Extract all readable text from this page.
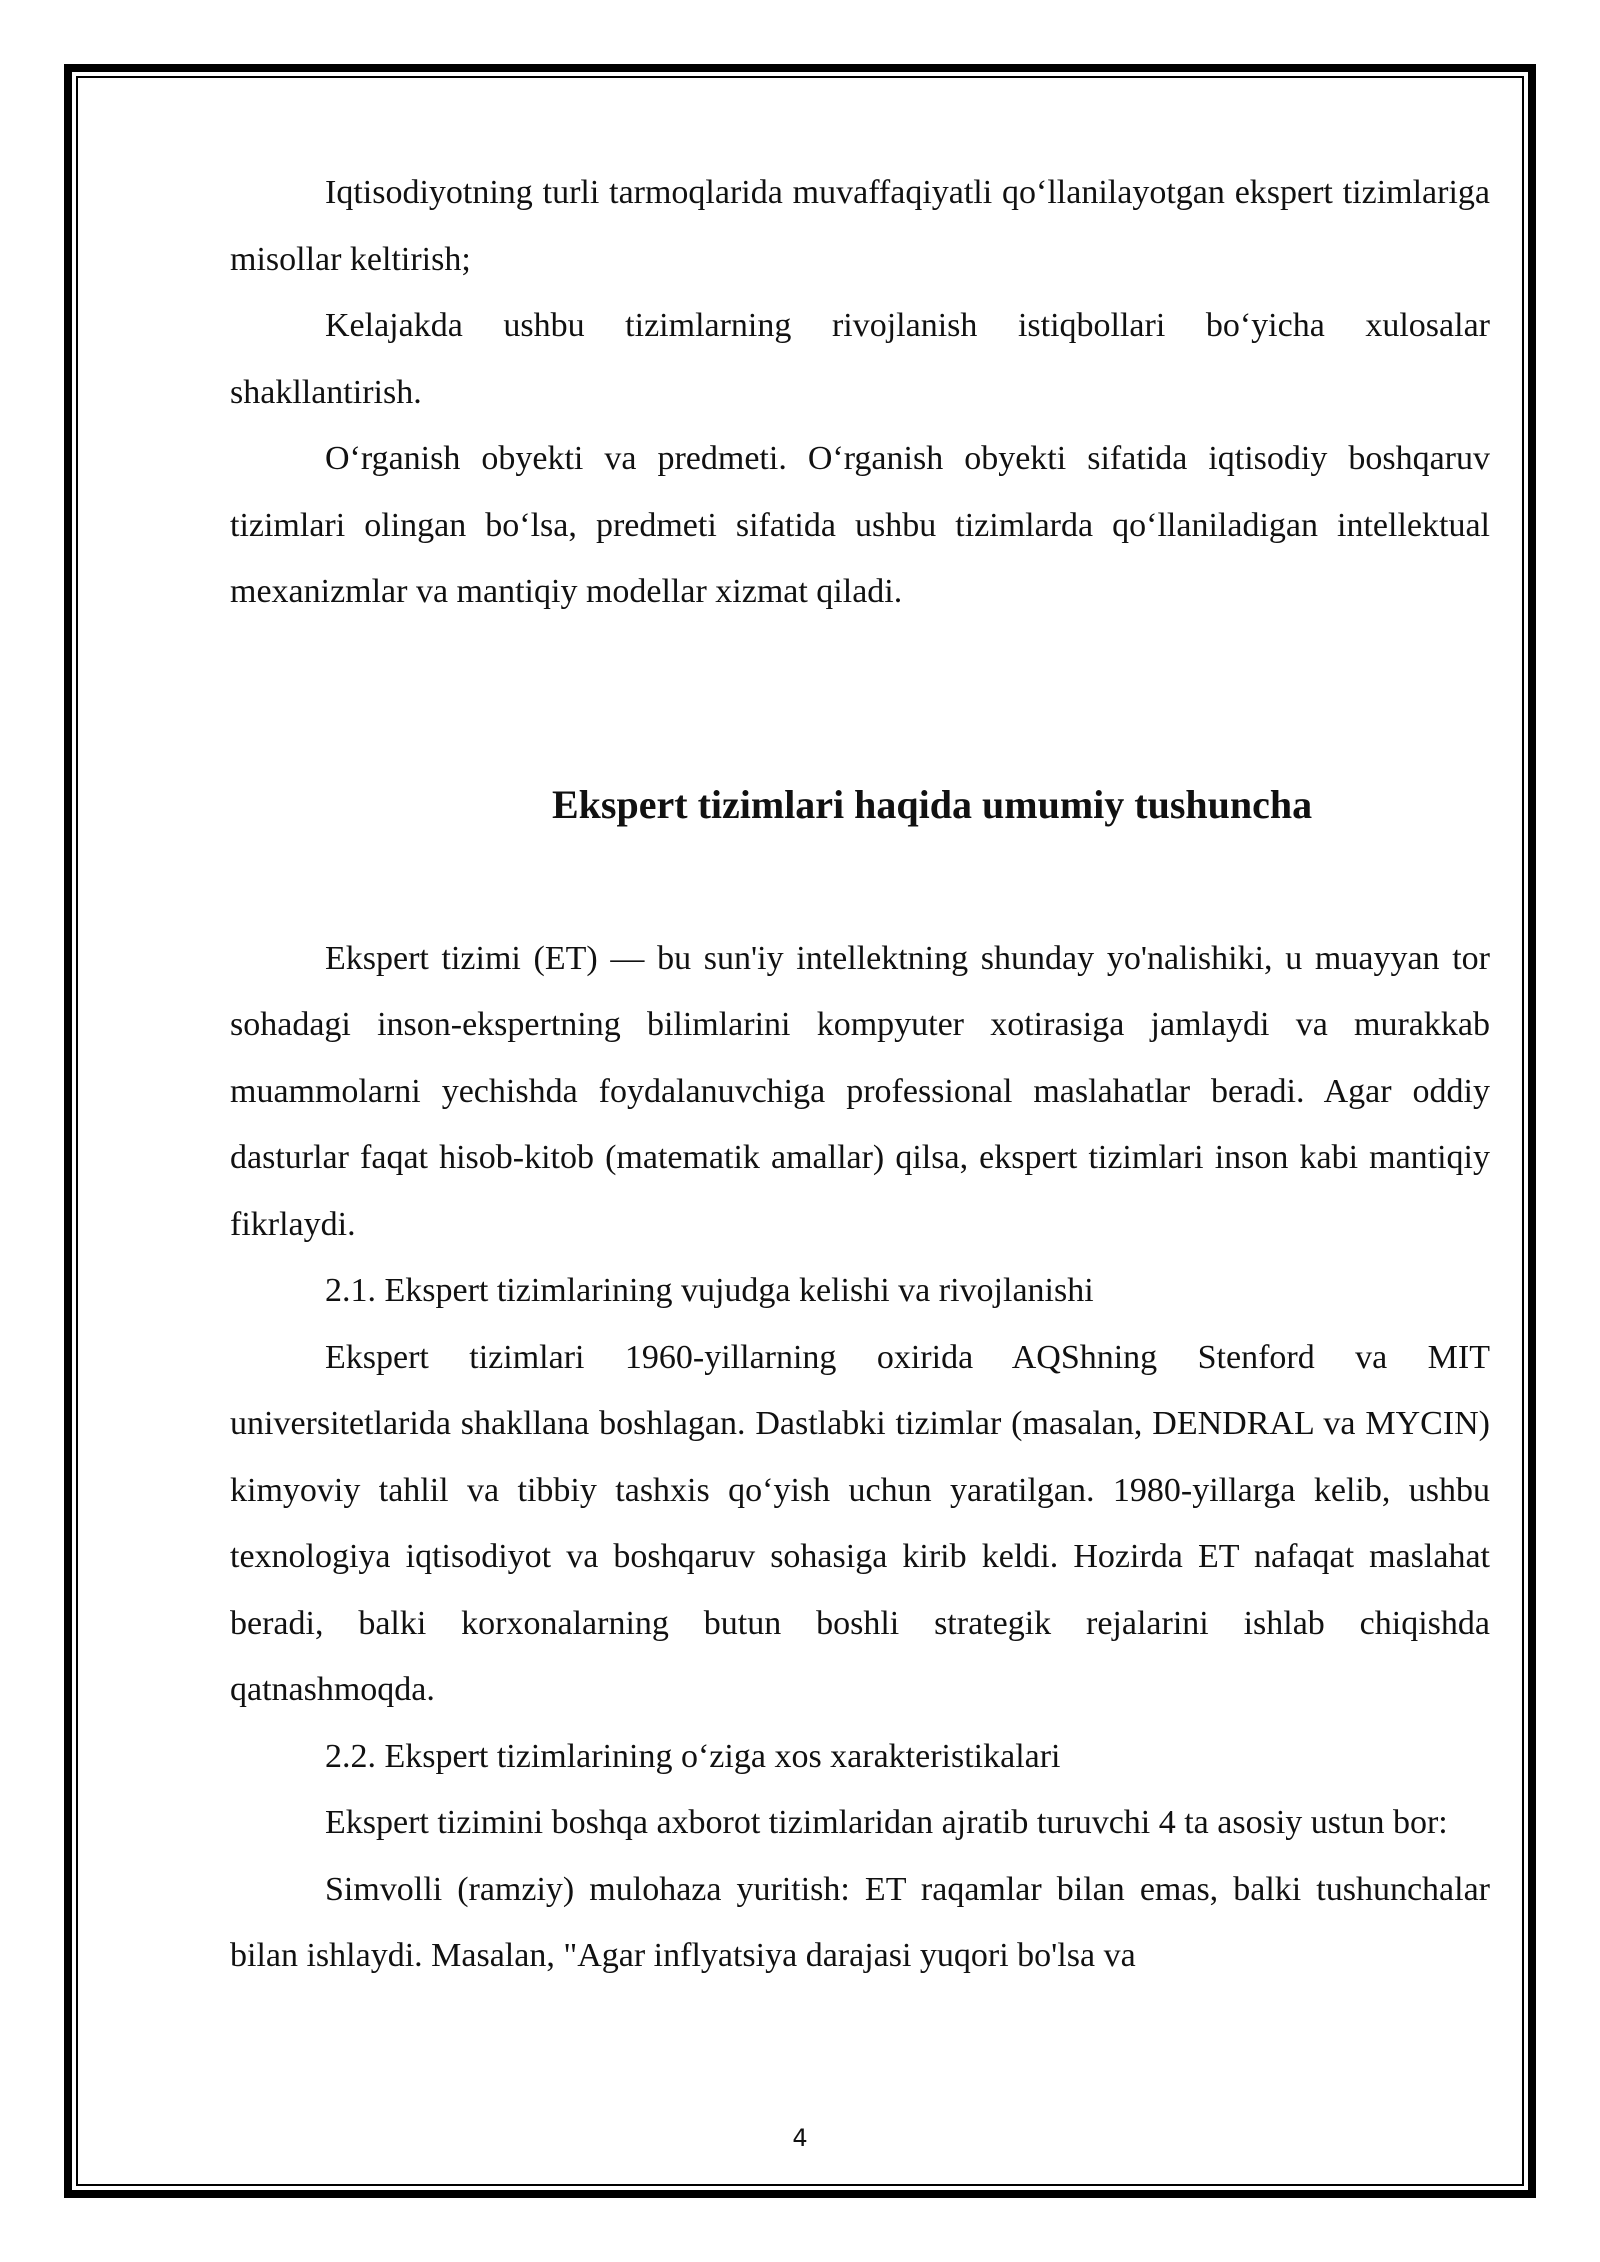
Iqtisodiyotning turli tarmoqlarida muvaffaqiyatli qo‘llanilayotgan ekspert tizimlariga misollar keltirish;

Kelajakda ushbu tizimlarning rivojlanish istiqbollari bo‘yicha xulosalar shakllantirish.

O‘rganish obyekti va predmeti. O‘rganish obyekti sifatida iqtisodiy boshqaruv tizimlari olingan bo‘lsa, predmeti sifatida ushbu tizimlarda qo‘llaniladigan intellektual mexanizmlar va mantiqiy modellar xizmat qiladi.

Ekspert tizimlari haqida umumiy tushuncha

Ekspert tizimi (ET) — bu sun'iy intellektning shunday yo'nalishiki, u muayyan tor sohadagi inson-ekspertning bilimlarini kompyuter xotirasiga jamlaydi va murakkab muammolarni yechishda foydalanuvchiga professional maslahatlar beradi. Agar oddiy dasturlar faqat hisob-kitob (matematik amallar) qilsa, ekspert tizimlari inson kabi mantiqiy fikrlaydi.

2.1. Ekspert tizimlarining vujudga kelishi va rivojlanishi

Ekspert tizimlari 1960-yillarning oxirida AQShning Stenford va MIT universitetlarida shakllana boshlagan. Dastlabki tizimlar (masalan, DENDRAL va MYCIN) kimyoviy tahlil va tibbiy tashxis qo‘yish uchun yaratilgan. 1980-yillarga kelib, ushbu texnologiya iqtisodiyot va boshqaruv sohasiga kirib keldi. Hozirda ET nafaqat maslahat beradi, balki korxonalarning butun boshli strategik rejalarini ishlab chiqishda qatnashmoqda.

2.2. Ekspert tizimlarining o‘ziga xos xarakteristikalari

Ekspert tizimini boshqa axborot tizimlaridan ajratib turuvchi 4 ta asosiy ustun bor:

Simvolli (ramziy) mulohaza yuritish: ET raqamlar bilan emas, balki tushunchalar bilan ishlaydi. Masalan, "Agar inflyatsiya darajasi yuqori bo'lsa va

4
